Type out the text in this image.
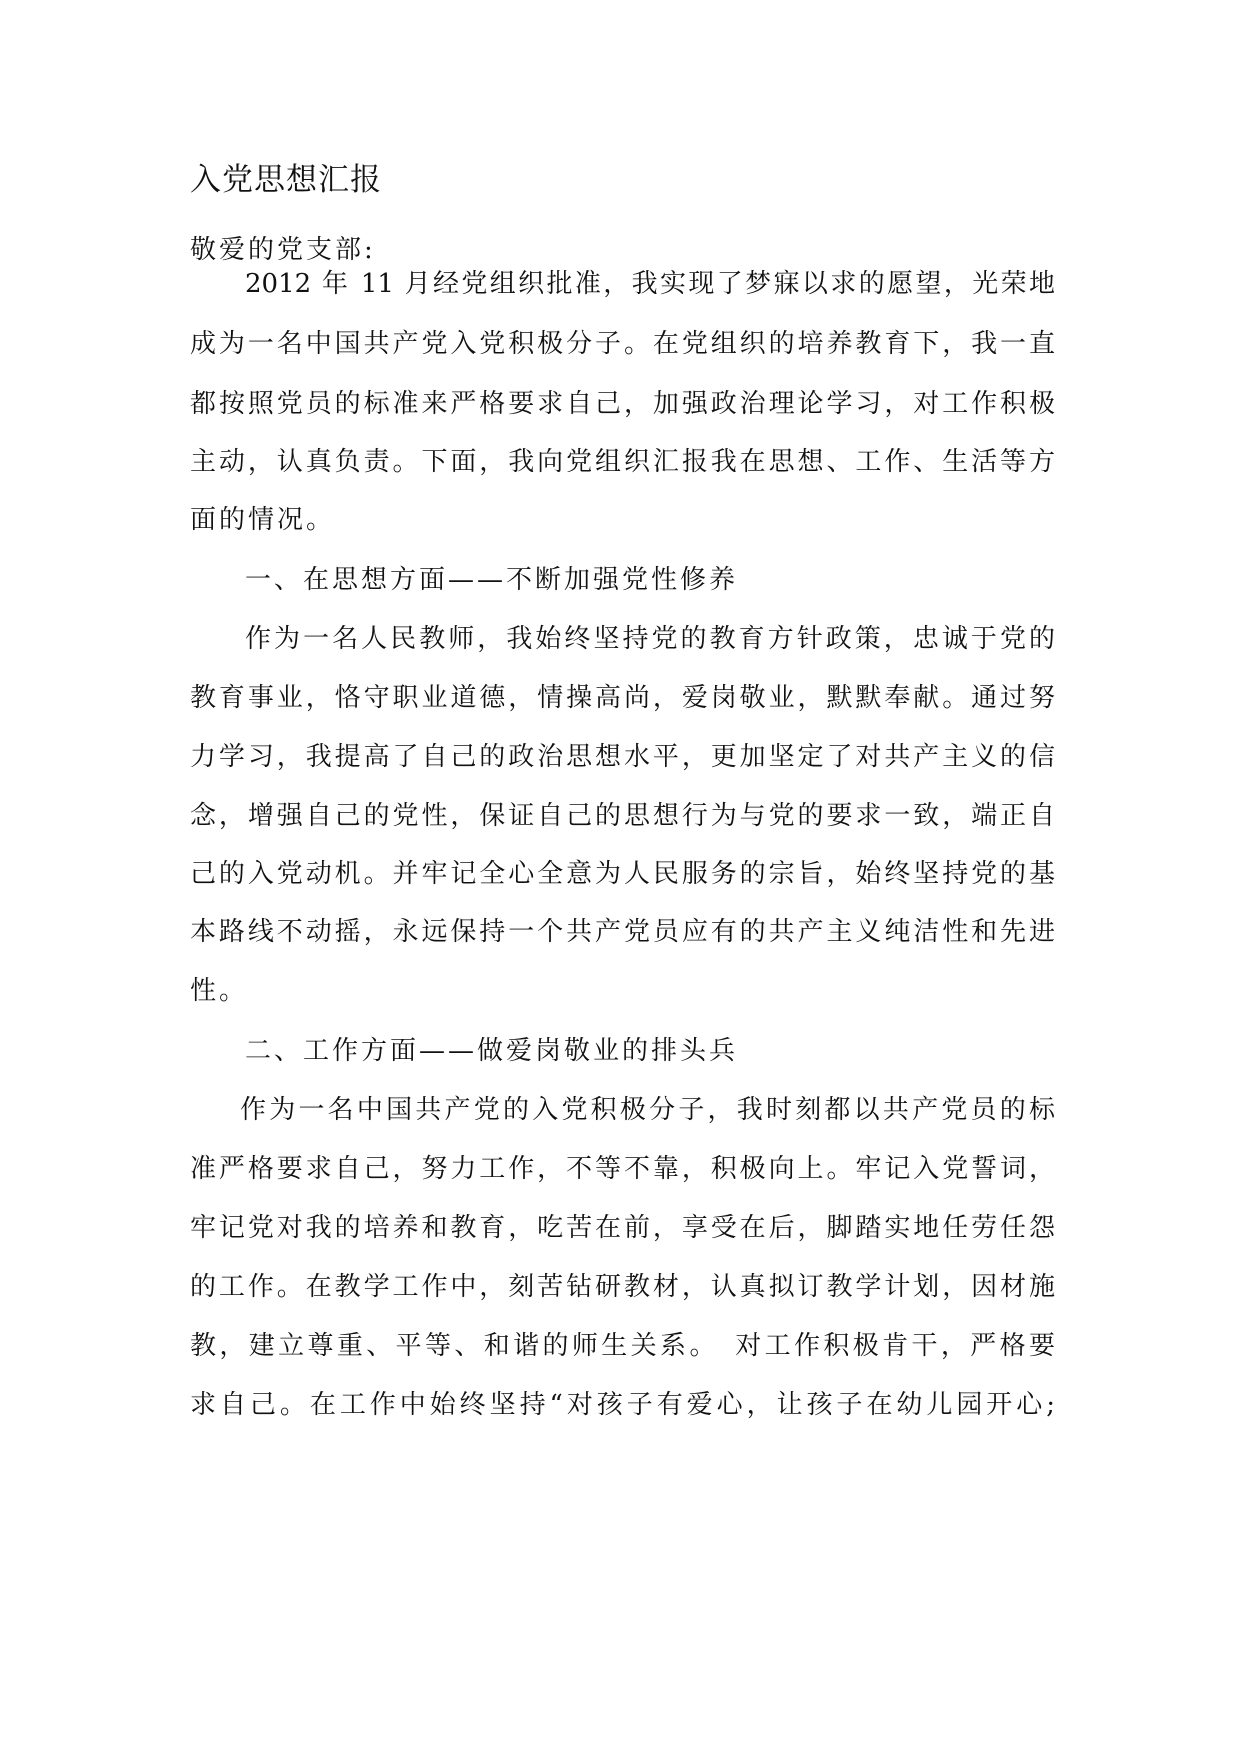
入党思想汇报
敬爱的党支部:
2012 年 11 月经党组织批准，我实现了梦寐以求的愿望，光荣地
成为一名中国共产党入党积极分子。在党组织的培养教育下，我一直
都按照党员的标准来严格要求自己，加强政治理论学习，对工作积极
主动，认真负责。下面，我向党组织汇报我在思想、工作、生活等方
面的情况。
一、在思想方面——不断加强党性修养
作为一名人民教师，我始终坚持党的教育方针政策，忠诚于党的
教育事业，恪守职业道德，情操高尚，爱岗敬业，默默奉献。通过努
力学习，我提高了自己的政治思想水平，更加坚定了对共产主义的信
念，增强自己的党性，保证自己的思想行为与党的要求一致，端正自
己的入党动机。并牢记全心全意为人民服务的宗旨，始终坚持党的基
本路线不动摇，永远保持一个共产党员应有的共产主义纯洁性和先进
性。
二、工作方面——做爱岗敬业的排头兵
作为一名中国共产党的入党积极分子，我时刻都以共产党员的标
准严格要求自己，努力工作，不等不靠，积极向上。牢记入党誓词，
牢记党对我的培养和教育，吃苦在前，享受在后，脚踏实地任劳任怨
的工作。在教学工作中，刻苦钻研教材，认真拟订教学计划，因材施
教，建立尊重、平等、和谐的师生关系。　对工作积极肯干，严格要
求自己。在工作中始终坚持“对孩子有爱心，让孩子在幼儿园开心;
